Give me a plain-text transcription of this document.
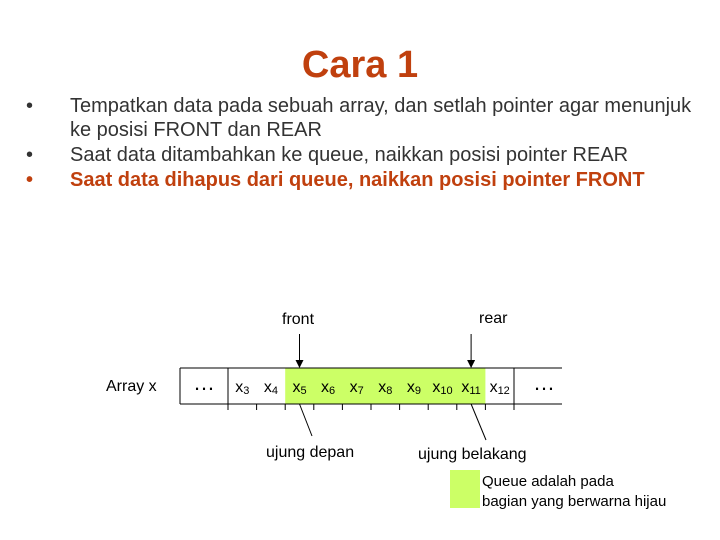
Cara 1
•	Tempatkan data pada sebuah array, dan setlah pointer agar menunjuk ke posisi FRONT dan REAR
•	Saat data ditambahkan ke queue, naikkan posisi pointer REAR
•	Saat data dihapus dari queue, naikkan posisi pointer FRONT
Array x
front	rear
ujung depan	ujung belakang
…	…
x3 x4 x5 x6 x7 x8 x9 x10 x11 x12
Queue adalah pada
bagian yang berwarna hijau
